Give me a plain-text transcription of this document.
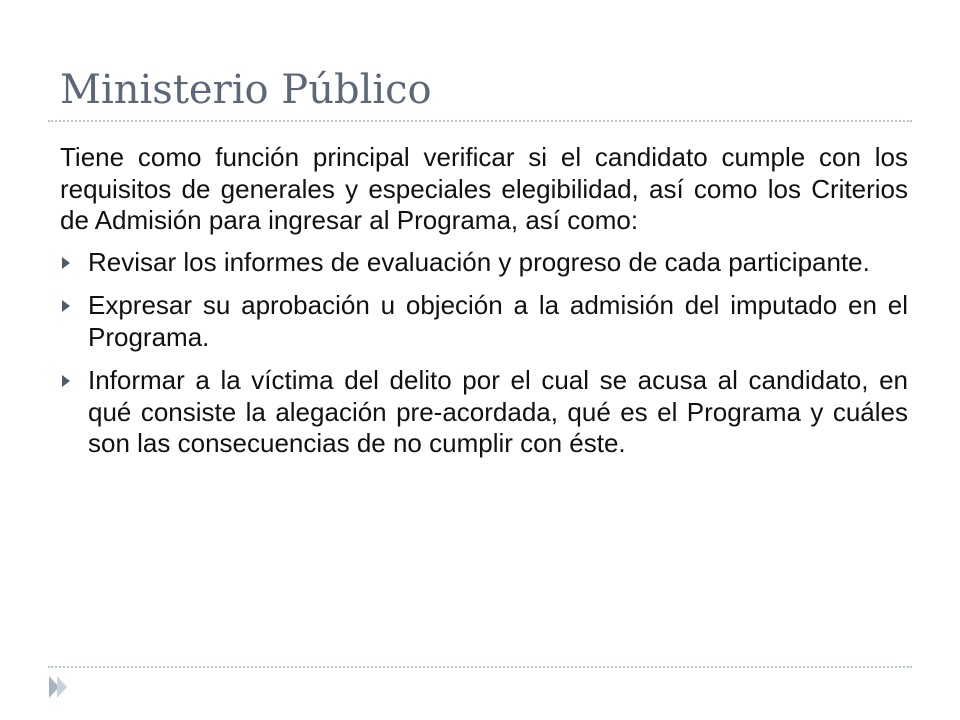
Ministerio Público

Tiene como función principal verificar si el candidato cumple con los requisitos de generales y especiales elegibilidad, así como los Criterios de Admisión para ingresar al Programa, así como:

Revisar los informes de evaluación y progreso de cada participante.
Expresar su aprobación u objeción a la admisión del imputado en el Programa.
Informar a la víctima del delito por el cual se acusa al candidato, en qué consiste la alegación pre-acordada, qué es el Programa y cuáles son las consecuencias de no cumplir con éste.
